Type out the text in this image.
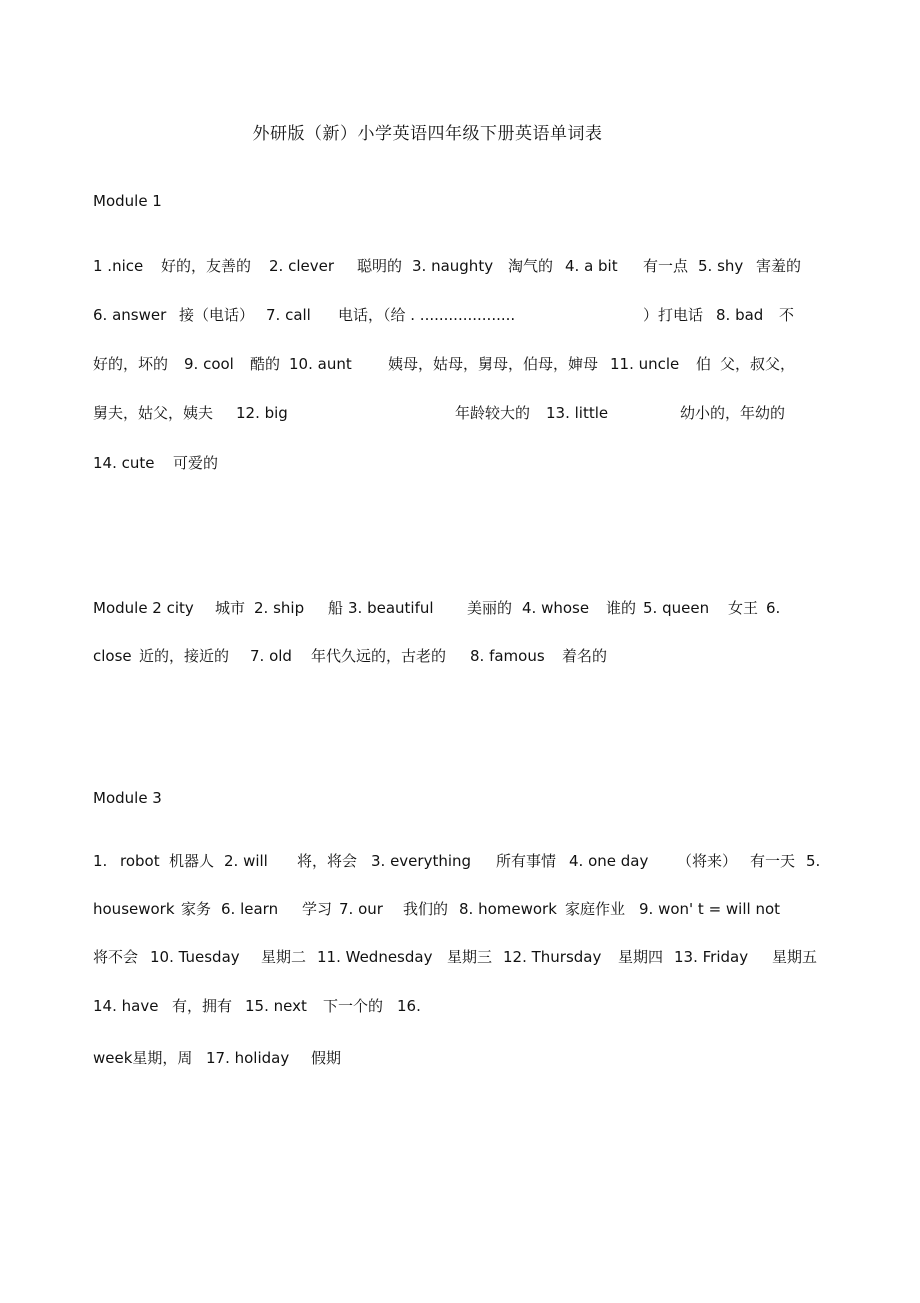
外研版（新）小学英语四年级下册英语单词表
Module 1
1 .nice 好的，友善的 2. clever 聪明的 3. naughty 淘气的 4. a bit 有一点 5. shy 害羞的
6. answer 接（电话） 7. call 电话，（给 . ....................	）打电话 8. bad 不
好的，坏的 9. cool 酷的 10. aunt 姨母，姑母，舅母，伯母，婶母 11. uncle 伯 父，叔父，
舅夫，姑父，姨夫 12. big	年龄较大的 13. little	幼小的，年幼的
14. cute 可爱的
Module 2 city 城市 2. ship 船 3. beautiful 美丽的 4. whose 谁的 5. queen 女王 6.
close 近的，接近的 7. old 年代久远的，古老的 8. famous 着名的
Module 3
1. robot 机器人 2. will 将，将会 3. everything 所有事情 4. one day （将来） 有一天 5.
housework 家务 6. learn 学习 7. our 我们的 8. homework 家庭作业 9. won' t = will not
将不会 10. Tuesday 星期二 11. Wednesday 星期三 12. Thursday 星期四 13. Friday 星期五
14. have 有，拥有 15. next 下一个的 16.
week星期，周 17. holiday 假期
